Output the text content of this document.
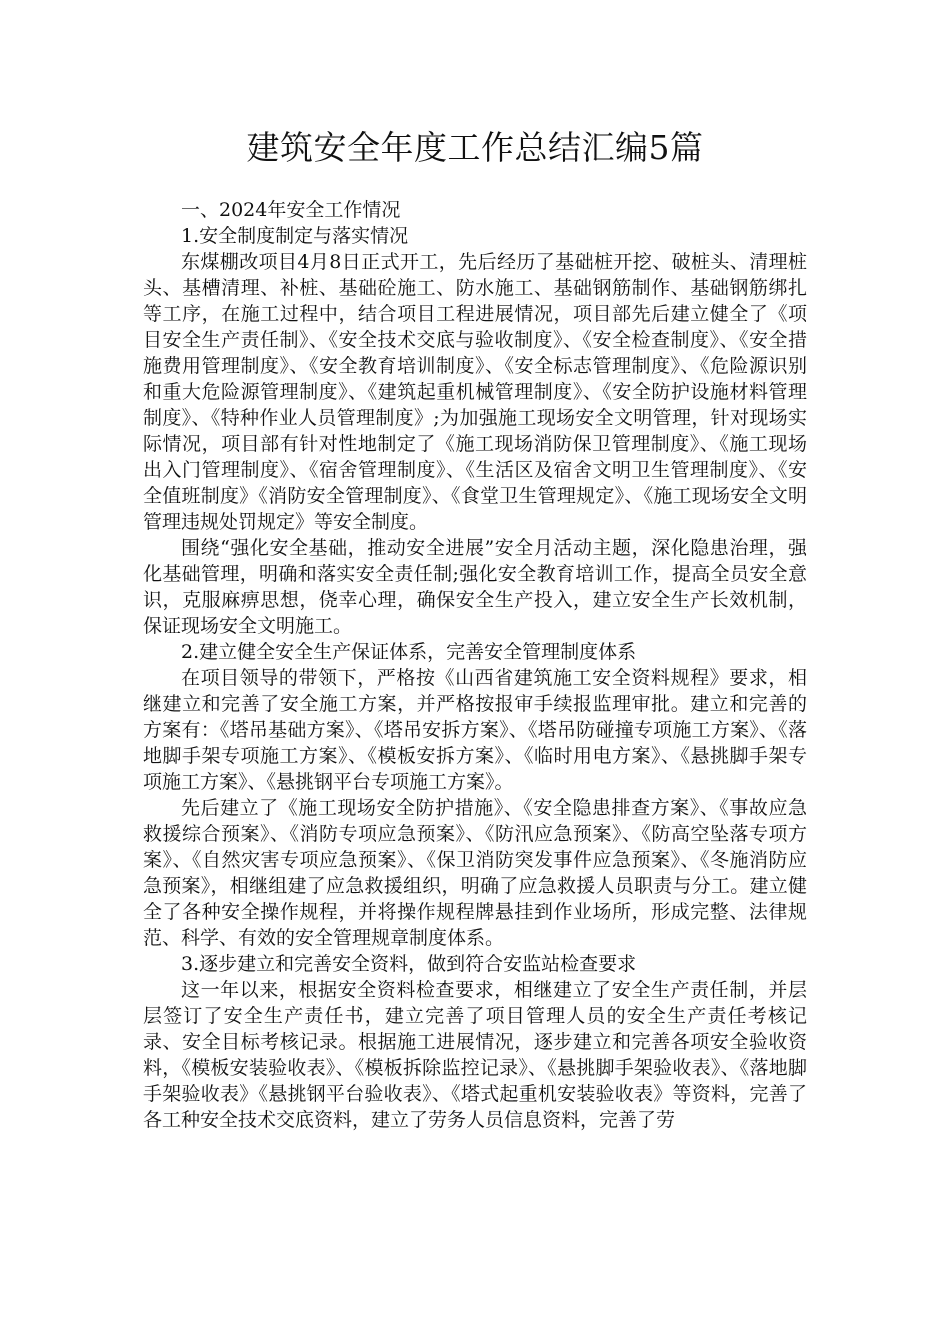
建筑安全年度工作总结汇编5篇

一、2024年安全工作情况

1.安全制度制定与落实情况

东煤棚改项目4月8日正式开工，先后经历了基础桩开挖、破桩头、清理桩头、基槽清理、补桩、基础砼施工、防水施工、基础钢筋制作、基础钢筋绑扎等工序，在施工过程中，结合项目工程进展情况，项目部先后建立健全了《项目安全生产责任制》、《安全技术交底与验收制度》、《安全检查制度》、《安全措施费用管理制度》、《安全教育培训制度》、《安全标志管理制度》、《危险源识别和重大危险源管理制度》、《建筑起重机械管理制度》、《安全防护设施材料管理制度》、《特种作业人员管理制度》;为加强施工现场安全文明管理，针对现场实际情况，项目部有针对性地制定了《施工现场消防保卫管理制度》、《施工现场出入门管理制度》、《宿舍管理制度》、《生活区及宿舍文明卫生管理制度》、《安全值班制度》《消防安全管理制度》、《食堂卫生管理规定》、《施工现场安全文明管理违规处罚规定》等安全制度。

围绕“强化安全基础，推动安全进展”安全月活动主题，深化隐患治理，强化基础管理，明确和落实安全责任制;强化安全教育培训工作，提高全员安全意识，克服麻痹思想，侥幸心理，确保安全生产投入，建立安全生产长效机制，保证现场安全文明施工。

2.建立健全安全生产保证体系，完善安全管理制度体系

在项目领导的带领下，严格按《山西省建筑施工安全资料规程》要求，相继建立和完善了安全施工方案，并严格按报审手续报监理审批。建立和完善的方案有：《塔吊基础方案》、《塔吊安拆方案》、《塔吊防碰撞专项施工方案》、《落地脚手架专项施工方案》、《模板安拆方案》、《临时用电方案》、《悬挑脚手架专项施工方案》、《悬挑钢平台专项施工方案》。

先后建立了《施工现场安全防护措施》、《安全隐患排查方案》、《事故应急救援综合预案》、《消防专项应急预案》、《防汛应急预案》、《防高空坠落专项方案》、《自然灾害专项应急预案》、《保卫消防突发事件应急预案》、《冬施消防应急预案》，相继组建了应急救援组织，明确了应急救援人员职责与分工。建立健全了各种安全操作规程，并将操作规程牌悬挂到作业场所，形成完整、法律规范、科学、有效的安全管理规章制度体系。

3.逐步建立和完善安全资料，做到符合安监站检查要求

这一年以来，根据安全资料检查要求，相继建立了安全生产责任制，并层层签订了安全生产责任书，建立完善了项目管理人员的安全生产责任考核记录、安全目标考核记录。根据施工进展情况，逐步建立和完善各项安全验收资料，《模板安装验收表》、《模板拆除监控记录》、《悬挑脚手架验收表》、《落地脚手架验收表》《悬挑钢平台验收表》、《塔式起重机安装验收表》等资料，完善了各工种安全技术交底资料，建立了劳务人员信息资料，完善了劳
